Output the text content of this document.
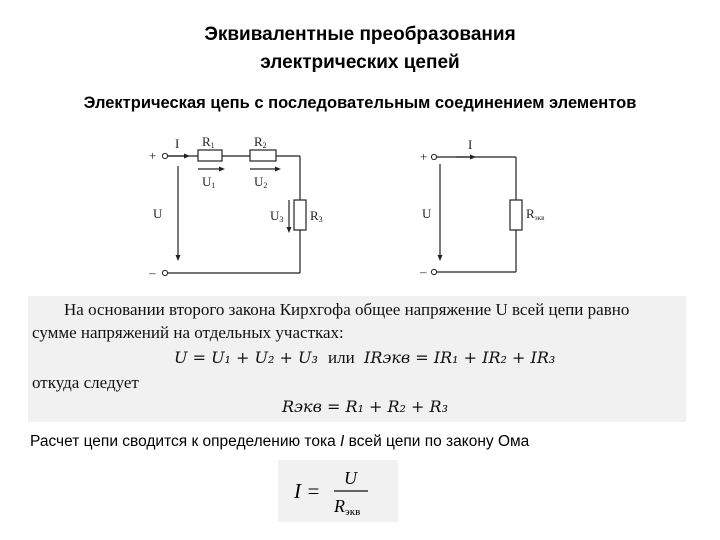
Эквивалентные преобразования
электрических цепей
Электрическая цепь с последовательным соединением элементов
+
–
I R1	R2
U1	U2
U3 R3
U
+
–
I
U	Rэкв
На основании второго закона Кирхгофа общее напряжение U всей цепи равно
сумме напряжений на отдельных участках:
U = U₁ + U₂ + U₃ или IRэкв = IR₁ + IR₂ + IR₃
откуда следует
Rэкв = R₁ + R₂ + R₃
Расчет цепи сводится к определению тока I всей цепи по закону Ома
I =
U
Rэкв
